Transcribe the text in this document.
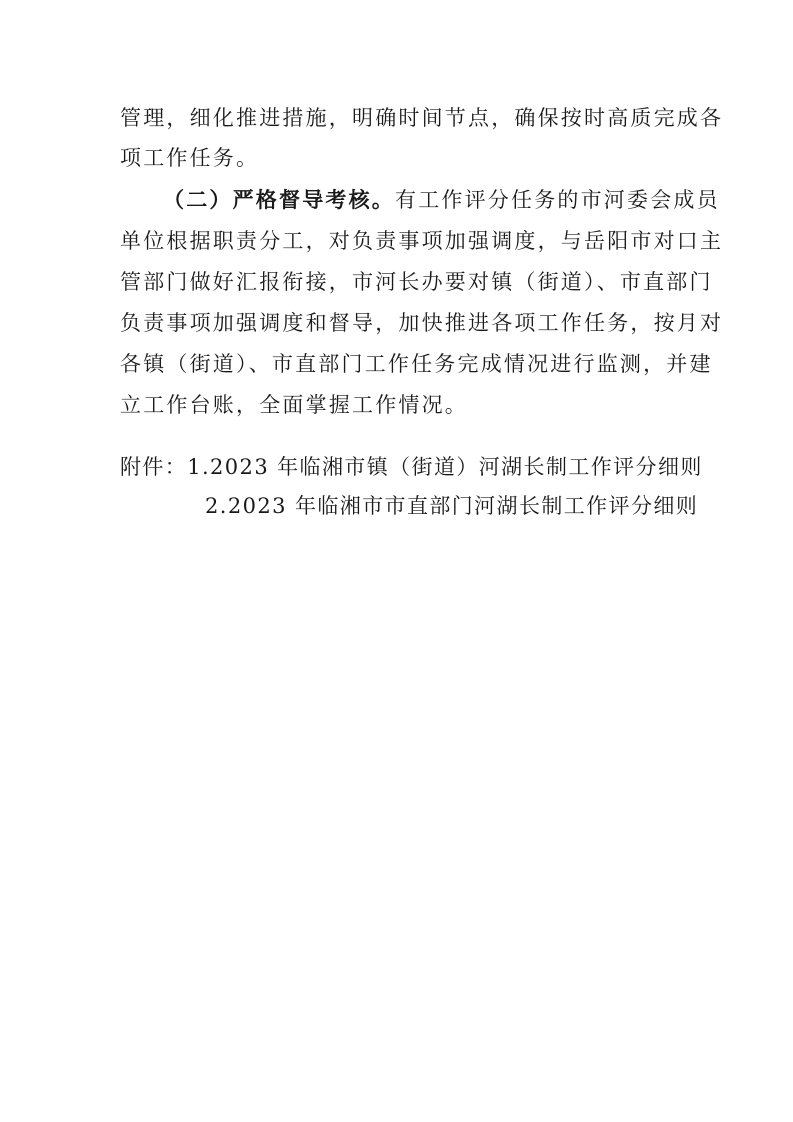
管理，细化推进措施，明确时间节点，确保按时高质完成各
项工作任务。
（二）严格督导考核。有工作评分任务的市河委会成员
单位根据职责分工，对负责事项加强调度，与岳阳市对口主
管部门做好汇报衔接，市河长办要对镇（街道）、市直部门
负责事项加强调度和督导，加快推进各项工作任务，按月对
各镇（街道）、市直部门工作任务完成情况进行监测，并建
立工作台账，全面掌握工作情况。
附件：1.2023 年临湘市镇（街道）河湖长制工作评分细则
2.2023 年临湘市市直部门河湖长制工作评分细则
